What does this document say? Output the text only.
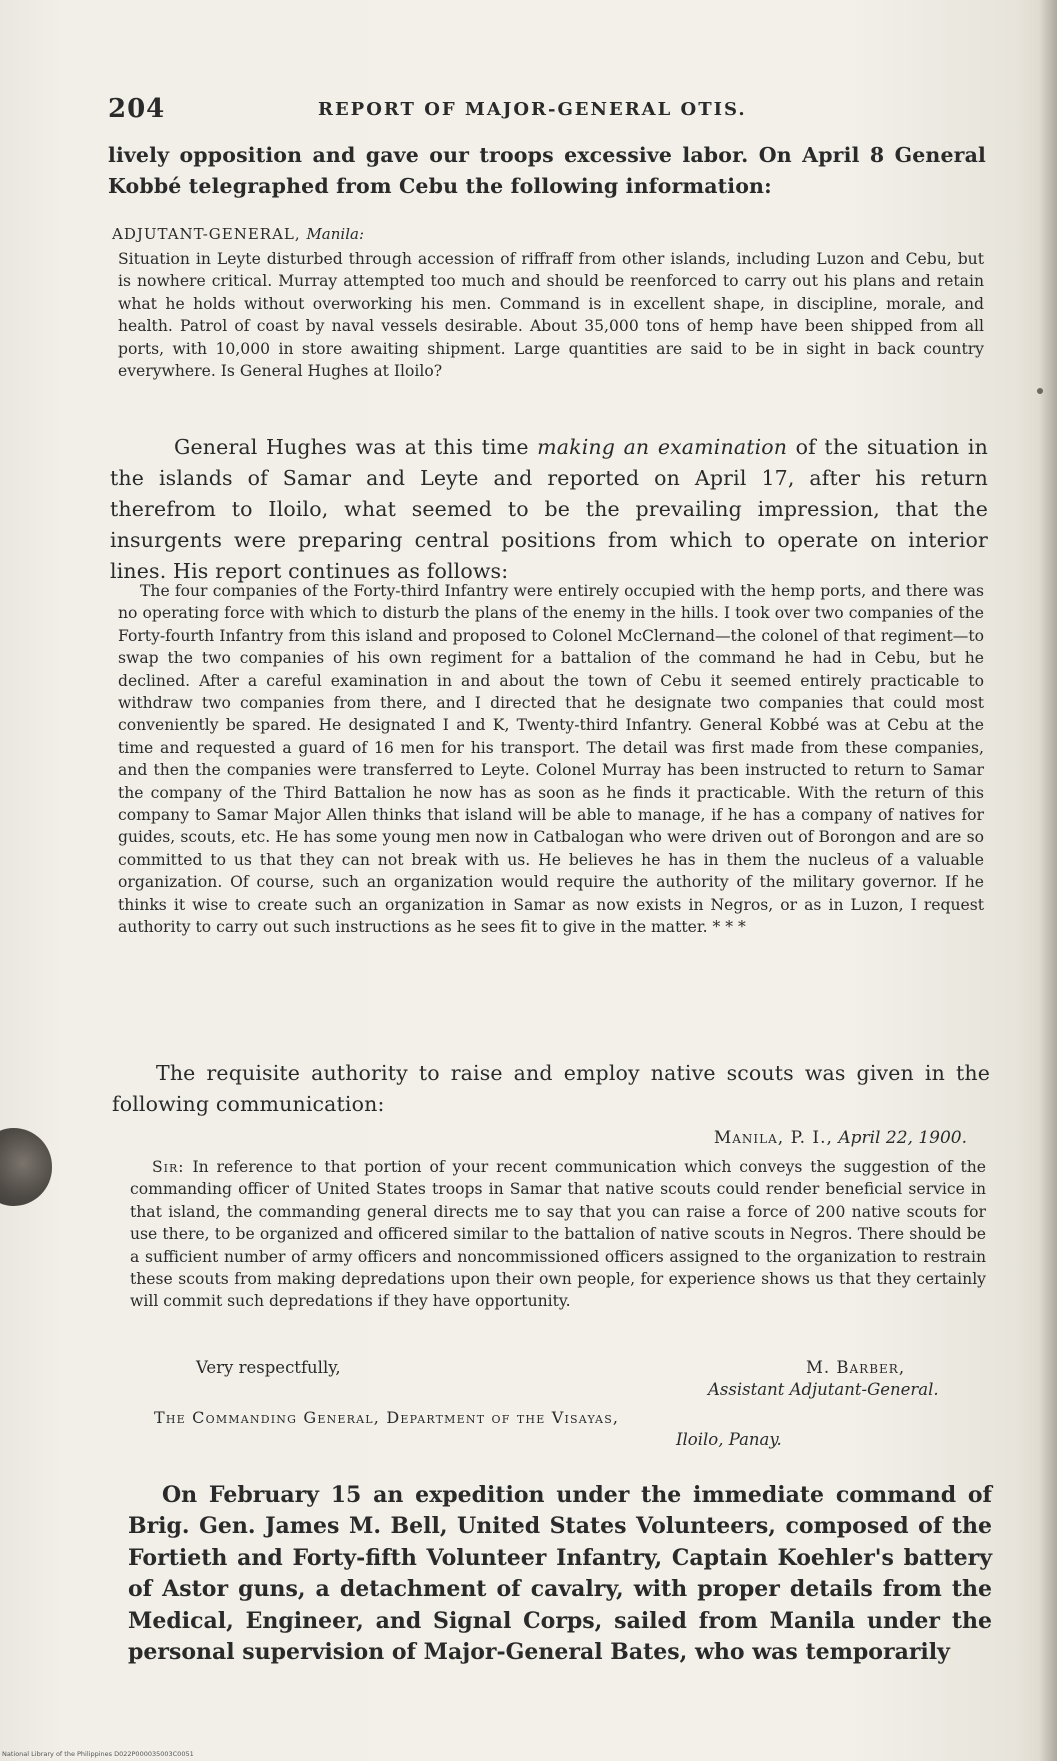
204	REPORT OF MAJOR-GENERAL OTIS.
lively opposition and gave our troops excessive labor. On April 8 General Kobbé telegraphed from Cebu the following information:
ADJUTANT-GENERAL, Manila:
Situation in Leyte disturbed through accession of riffraff from other islands, including Luzon and Cebu, but is nowhere critical. Murray attempted too much and should be reenforced to carry out his plans and retain what he holds without overworking his men. Command is in excellent shape, in discipline, morale, and health. Patrol of coast by naval vessels desirable. About 35,000 tons of hemp have been shipped from all ports, with 10,000 in store awaiting shipment. Large quantities are said to be in sight in back country everywhere. Is General Hughes at Iloilo?
General Hughes was at this time making an examination of the situation in the islands of Samar and Leyte and reported on April 17, after his return therefrom to Iloilo, what seemed to be the prevailing impression, that the insurgents were preparing central positions from which to operate on interior lines. His report continues as follows:
The four companies of the Forty-third Infantry were entirely occupied with the hemp ports, and there was no operating force with which to disturb the plans of the enemy in the hills. I took over two companies of the Forty-fourth Infantry from this island and proposed to Colonel McClernand—the colonel of that regiment—to swap the two companies of his own regiment for a battalion of the command he had in Cebu, but he declined. After a careful examination in and about the town of Cebu it seemed entirely practicable to withdraw two companies from there, and I directed that he designate two companies that could most conveniently be spared. He designated I and K, Twenty-third Infantry. General Kobbé was at Cebu at the time and requested a guard of 16 men for his transport. The detail was first made from these companies, and then the companies were transferred to Leyte. Colonel Murray has been instructed to return to Samar the company of the Third Battalion he now has as soon as he finds it practicable. With the return of this company to Samar Major Allen thinks that island will be able to manage, if he has a company of natives for guides, scouts, etc. He has some young men now in Catbalogan who were driven out of Borongon and are so committed to us that they can not break with us. He believes he has in them the nucleus of a valuable organization. Of course, such an organization would require the authority of the military governor. If he thinks it wise to create such an organization in Samar as now exists in Negros, or as in Luzon, I request authority to carry out such instructions as he sees fit to give in the matter. * * *
The requisite authority to raise and employ native scouts was given in the following communication:
Manila, P. I., April 22, 1900.
Sir: In reference to that portion of your recent communication which conveys the suggestion of the commanding officer of United States troops in Samar that native scouts could render beneficial service in that island, the commanding general directs me to say that you can raise a force of 200 native scouts for use there, to be organized and officered similar to the battalion of native scouts in Negros. There should be a sufficient number of army officers and noncommissioned officers assigned to the organization to restrain these scouts from making depredations upon their own people, for experience shows us that they certainly will commit such depredations if they have opportunity.
Very respectfully,	M. Barber,
Assistant Adjutant-General.
The Commanding General, Department of the Visayas,
Iloilo, Panay.
On February 15 an expedition under the immediate command of Brig. Gen. James M. Bell, United States Volunteers, composed of the Fortieth and Forty-fifth Volunteer Infantry, Captain Koehler's battery of Astor guns, a detachment of cavalry, with proper details from the Medical, Engineer, and Signal Corps, sailed from Manila under the personal supervision of Major-General Bates, who was temporarily
National Library of the Philippines D022P000035003C0051
